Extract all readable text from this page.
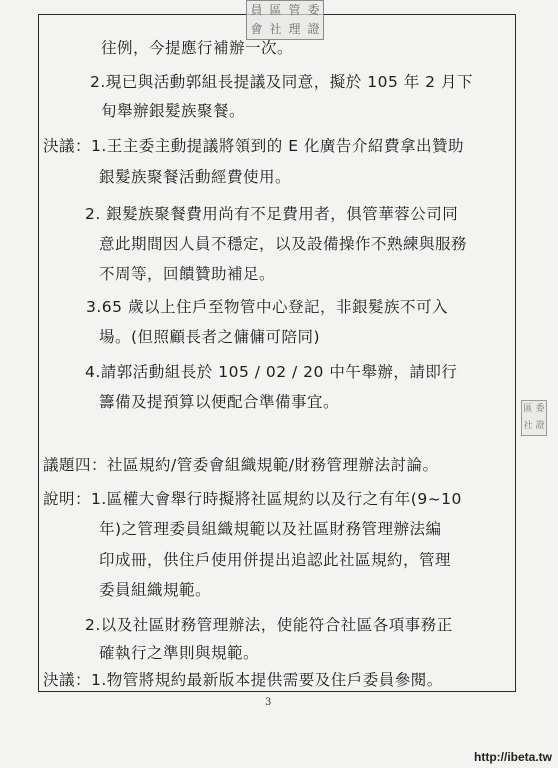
員 區 管 委
會 社 理 證
區 委
社 證
往例，今提應行補辦一次。
2.現已與活動郭組長提議及同意，擬於 105 年 2 月下
旬舉辦銀髮族聚餐。
決議：1.王主委主動提議將領到的 E 化廣告介紹費拿出贊助
銀髮族聚餐活動經費使用。
2. 銀髮族聚餐費用尚有不足費用者，俱管華蓉公司同
意此期間因人員不穩定，以及設備操作不熟練與服務
不周等，回饋贊助補足。
3.65 歲以上住戶至物管中心登記，非銀髮族不可入
場。(但照顧長者之傭傭可陪同)
4.請郭活動組長於 105 / 02 / 20 中午舉辦，請即行
籌備及提預算以便配合準備事宜。
議題四：社區規約/管委會組織規範/財務管理辦法討論。
說明：1.區權大會舉行時擬將社區規約以及行之有年(9~10
年)之管理委員組織規範以及社區財務管理辦法編
印成冊，供住戶使用併提出追認此社區規約，管理
委員組織規範。
2.以及社區財務管理辦法，使能符合社區各項事務正
確執行之準則與規範。
決議：1.物管將規約最新版本提供需要及住戶委員參閱。
3
http://ibeta.tw
